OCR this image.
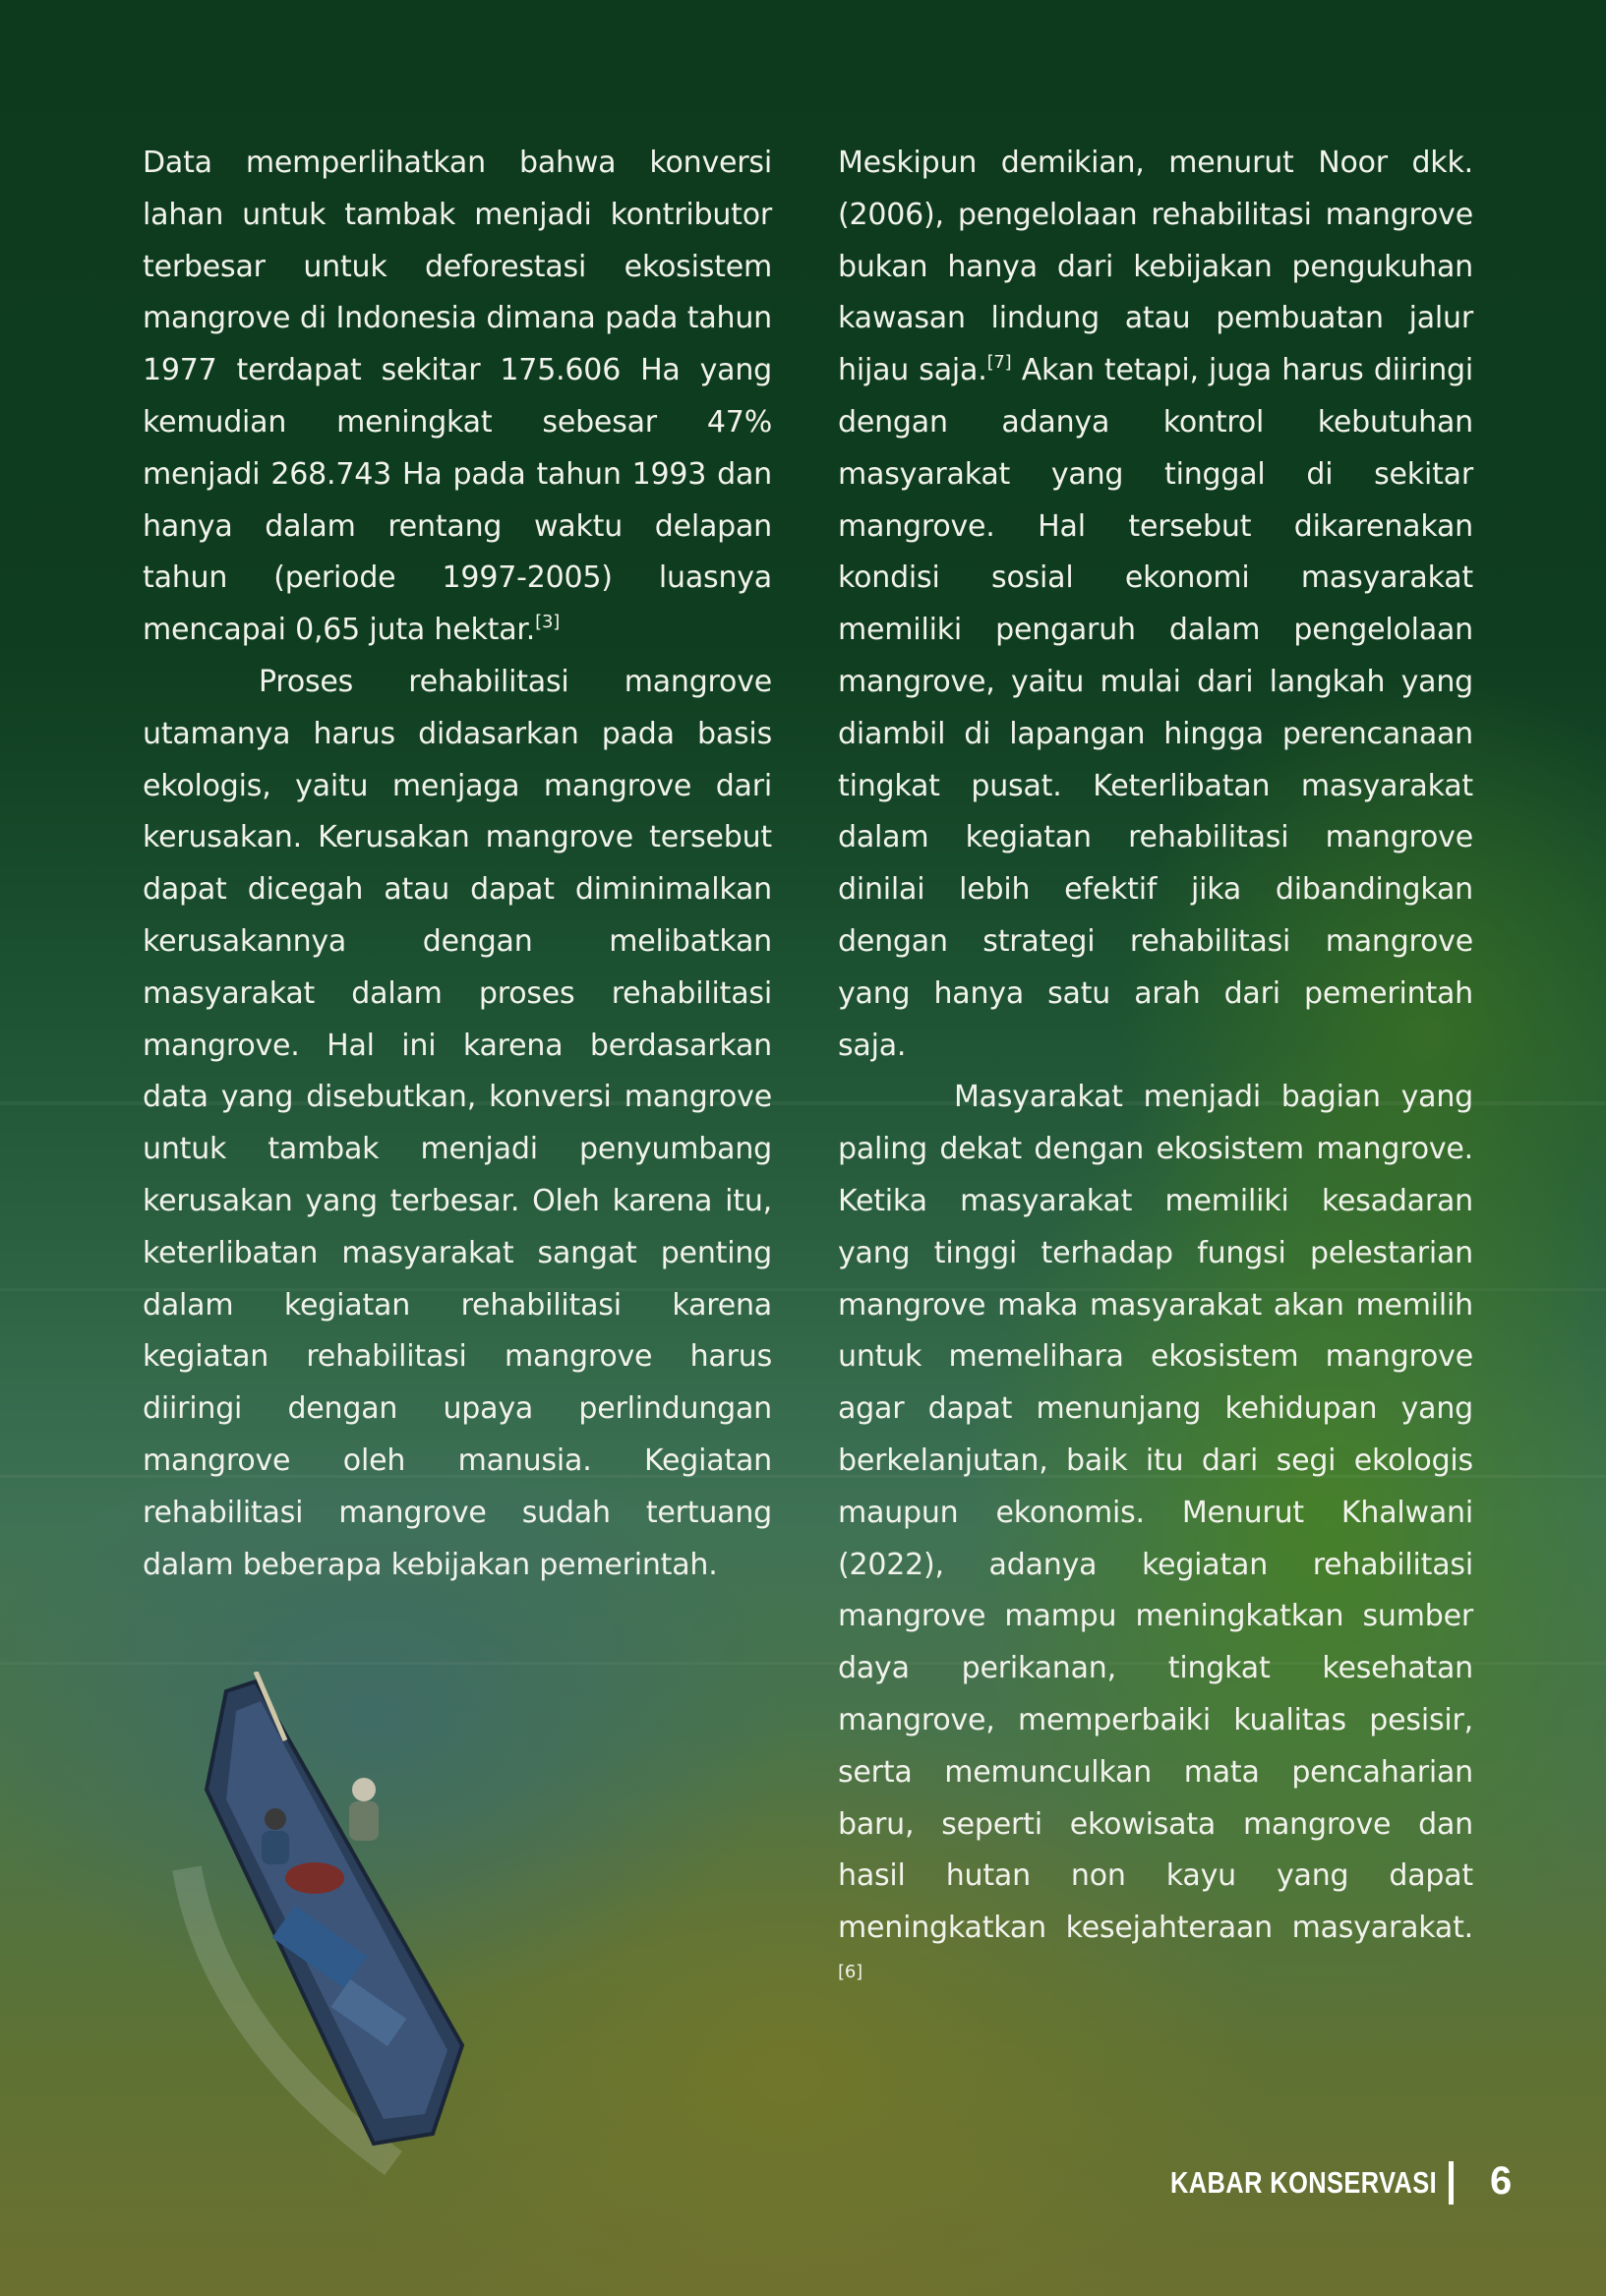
Data memperlihatkan bahwa konversi lahan untuk tambak menjadi kontributor terbesar untuk deforestasi ekosistem mangrove di Indonesia dimana pada tahun 1977 terdapat sekitar 175.606 Ha yang kemudian meningkat sebesar 47% menjadi 268.743 Ha pada tahun 1993 dan hanya dalam rentang waktu delapan tahun (periode 1997-2005) luasnya mencapai 0,65 juta hektar.[3]

Proses rehabilitasi mangrove utamanya harus didasarkan pada basis ekologis, yaitu menjaga mangrove dari kerusakan. Kerusakan mangrove tersebut dapat dicegah atau dapat diminimalkan kerusakannya dengan melibatkan masyarakat dalam proses rehabilitasi mangrove. Hal ini karena berdasarkan data yang disebutkan, konversi mangrove untuk tambak menjadi penyumbang kerusakan yang terbesar. Oleh karena itu, keterlibatan masyarakat sangat penting dalam kegiatan rehabilitasi karena kegiatan rehabilitasi mangrove harus diiringi dengan upaya perlindungan mangrove oleh manusia. Kegiatan rehabilitasi mangrove sudah tertuang dalam beberapa kebijakan pemerintah.

Meskipun demikian, menurut Noor dkk. (2006), pengelolaan rehabilitasi mangrove bukan hanya dari kebijakan pengukuhan kawasan lindung atau pembuatan jalur hijau saja.[7] Akan tetapi, juga harus diiringi dengan adanya kontrol kebutuhan masyarakat yang tinggal di sekitar mangrove. Hal tersebut dikarenakan kondisi sosial ekonomi masyarakat memiliki pengaruh dalam pengelolaan mangrove, yaitu mulai dari langkah yang diambil di lapangan hingga perencanaan tingkat pusat. Keterlibatan masyarakat dalam kegiatan rehabilitasi mangrove dinilai lebih efektif jika dibandingkan dengan strategi rehabilitasi mangrove yang hanya satu arah dari pemerintah saja.

Masyarakat menjadi bagian yang paling dekat dengan ekosistem mangrove. Ketika masyarakat memiliki kesadaran yang tinggi terhadap fungsi pelestarian mangrove maka masyarakat akan memilih untuk memelihara ekosistem mangrove agar dapat menunjang kehidupan yang berkelanjutan, baik itu dari segi ekologis maupun ekonomis. Menurut Khalwani (2022), adanya kegiatan rehabilitasi mangrove mampu meningkatkan sumber daya perikanan, tingkat kesehatan mangrove, memperbaiki kualitas pesisir, serta memunculkan mata pencaharian baru, seperti ekowisata mangrove dan hasil hutan non kayu yang dapat meningkatkan kesejahteraan masyarakat.[6]

KABAR KONSERVASI 6
